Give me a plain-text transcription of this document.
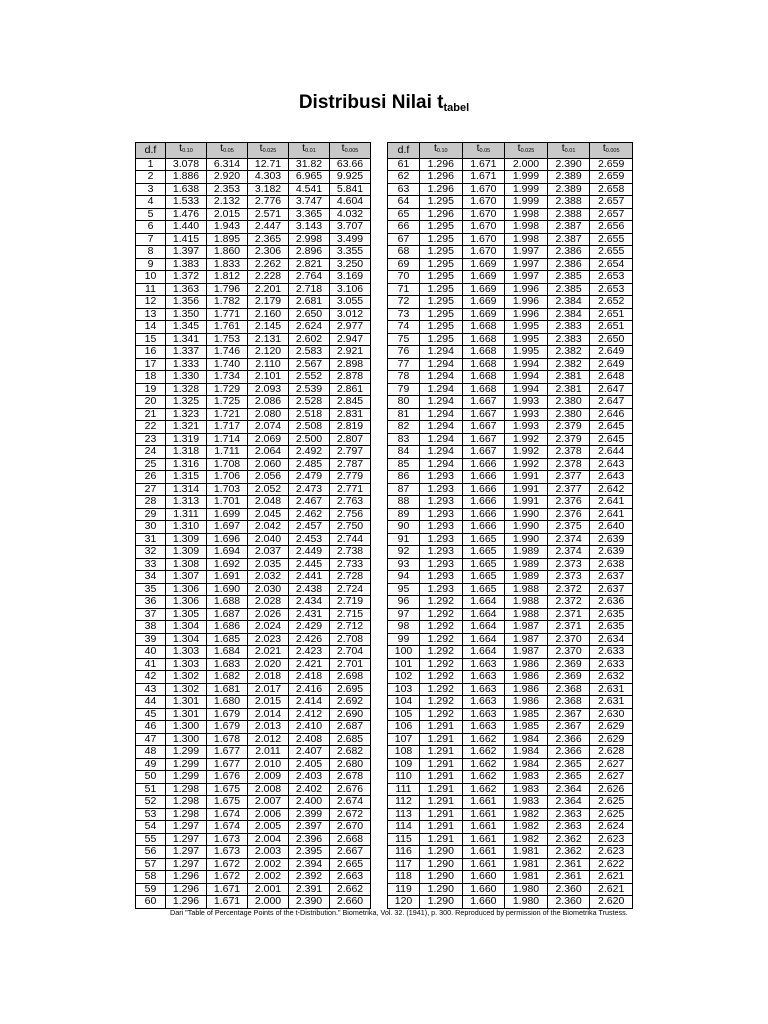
Distribusi Nilai $t_{tabel}$
d.f	$t_{0.10}$	$t_{0.05}$	$t_{0.025}$	$t_{0.01}$	$t_{0.005}$
1	3.078	6.314	12.71	31.82	63.66
2	1.886	2.920	4.303	6.965	9.925
3	1.638	2.353	3.182	4.541	5.841
4	1.533	2.132	2.776	3.747	4.604
5	1.476	2.015	2.571	3.365	4.032
6	1.440	1.943	2.447	3.143	3.707
7	1.415	1.895	2.365	2.998	3.499
8	1.397	1.860	2.306	2.896	3.355
9	1.383	1.833	2.262	2.821	3.250
10	1.372	1.812	2.228	2.764	3.169
11	1.363	1.796	2.201	2.718	3.106
12	1.356	1.782	2.179	2.681	3.055
13	1.350	1.771	2.160	2.650	3.012
14	1.345	1.761	2.145	2.624	2.977
15	1.341	1.753	2.131	2.602	2.947
16	1.337	1.746	2.120	2.583	2.921
17	1.333	1.740	2.110	2.567	2.898
18	1.330	1.734	2.101	2.552	2.878
19	1.328	1.729	2.093	2.539	2.861
20	1.325	1.725	2.086	2.528	2.845
21	1.323	1.721	2.080	2.518	2.831
22	1.321	1.717	2.074	2.508	2.819
23	1.319	1.714	2.069	2.500	2.807
24	1.318	1.711	2.064	2.492	2.797
25	1.316	1.708	2.060	2.485	2.787
26	1.315	1.706	2.056	2.479	2.779
27	1.314	1.703	2.052	2.473	2.771
28	1.313	1.701	2.048	2.467	2.763
29	1.311	1.699	2.045	2.462	2.756
30	1.310	1.697	2.042	2.457	2.750
31	1.309	1.696	2.040	2.453	2.744
32	1.309	1.694	2.037	2.449	2.738
33	1.308	1.692	2.035	2.445	2.733
34	1.307	1.691	2.032	2.441	2.728
35	1.306	1.690	2.030	2.438	2.724
36	1.306	1.688	2.028	2.434	2.719
37	1.305	1.687	2.026	2.431	2.715
38	1.304	1.686	2.024	2.429	2.712
39	1.304	1.685	2.023	2.426	2.708
40	1.303	1.684	2.021	2.423	2.704
41	1.303	1.683	2.020	2.421	2.701
42	1.302	1.682	2.018	2.418	2.698
43	1.302	1.681	2.017	2.416	2.695
44	1.301	1.680	2.015	2.414	2.692
45	1.301	1.679	2.014	2.412	2.690
46	1.300	1.679	2.013	2.410	2.687
47	1.300	1.678	2.012	2.408	2.685
48	1.299	1.677	2.011	2.407	2.682
49	1.299	1.677	2.010	2.405	2.680
50	1.299	1.676	2.009	2.403	2.678
51	1.298	1.675	2.008	2.402	2.676
52	1.298	1.675	2.007	2.400	2.674
53	1.298	1.674	2.006	2.399	2.672
54	1.297	1.674	2.005	2.397	2.670
55	1.297	1.673	2.004	2.396	2.668
56	1.297	1.673	2.003	2.395	2.667
57	1.297	1.672	2.002	2.394	2.665
58	1.296	1.672	2.002	2.392	2.663
59	1.296	1.671	2.001	2.391	2.662
60	1.296	1.671	2.000	2.390	2.660
d.f	$t_{0.10}$	$t_{0.05}$	$t_{0.025}$	$t_{0.01}$	$t_{0.005}$
61	1.296	1.671	2.000	2.390	2.659
62	1.296	1.671	1.999	2.389	2.659
63	1.296	1.670	1.999	2.389	2.658
64	1.295	1.670	1.999	2.388	2.657
65	1.296	1.670	1.998	2.388	2.657
66	1.295	1.670	1.998	2.387	2.656
67	1.295	1.670	1.998	2.387	2.655
68	1.295	1.670	1.997	2.386	2.655
69	1.295	1.669	1.997	2.386	2.654
70	1.295	1.669	1.997	2.385	2.653
71	1.295	1.669	1.996	2.385	2.653
72	1.295	1.669	1.996	2.384	2.652
73	1.295	1.669	1.996	2.384	2.651
74	1.295	1.668	1.995	2.383	2.651
75	1.295	1.668	1.995	2.383	2.650
76	1.294	1.668	1.995	2.382	2.649
77	1.294	1.668	1.994	2.382	2.649
78	1.294	1.668	1.994	2.381	2.648
79	1.294	1.668	1.994	2.381	2.647
80	1.294	1.667	1.993	2.380	2.647
81	1.294	1.667	1.993	2.380	2.646
82	1.294	1.667	1.993	2.379	2.645
83	1.294	1.667	1.992	2.379	2.645
84	1.294	1.667	1.992	2.378	2.644
85	1.294	1.666	1.992	2.378	2.643
86	1.293	1.666	1.991	2.377	2.643
87	1.293	1.666	1.991	2.377	2.642
88	1.293	1.666	1.991	2.376	2.641
89	1.293	1.666	1.990	2.376	2.641
90	1.293	1.666	1.990	2.375	2.640
91	1.293	1.665	1.990	2.374	2.639
92	1.293	1.665	1.989	2.374	2.639
93	1.293	1.665	1.989	2.373	2.638
94	1.293	1.665	1.989	2.373	2.637
95	1.293	1.665	1.988	2.372	2.637
96	1.292	1.664	1.988	2.372	2.636
97	1.292	1.664	1.988	2.371	2.635
98	1.292	1.664	1.987	2.371	2.635
99	1.292	1.664	1.987	2.370	2.634
100	1.292	1.664	1.987	2.370	2.633
101	1.292	1.663	1.986	2.369	2.633
102	1.292	1.663	1.986	2.369	2.632
103	1.292	1.663	1.986	2.368	2.631
104	1.292	1.663	1.986	2.368	2.631
105	1.292	1.663	1.985	2.367	2.630
106	1.291	1.663	1.985	2.367	2.629
107	1.291	1.662	1.984	2.366	2.629
108	1.291	1.662	1.984	2.366	2.628
109	1.291	1.662	1.984	2.365	2.627
110	1.291	1.662	1.983	2.365	2.627
111	1.291	1.662	1.983	2.364	2.626
112	1.291	1.661	1.983	2.364	2.625
113	1.291	1.661	1.982	2.363	2.625
114	1.291	1.661	1.982	2.363	2.624
115	1.291	1.661	1.982	2.362	2.623
116	1.290	1.661	1.981	2.362	2.623
117	1.290	1.661	1.981	2.361	2.622
118	1.290	1.660	1.981	2.361	2.621
119	1.290	1.660	1.980	2.360	2.621
120	1.290	1.660	1.980	2.360	2.620
Dari "Table of Percentage Points of the t-Distribution." Biometrika, Vol. 32. (1941), p. 300. Reproduced by permission of the Biometrika Trustess.
